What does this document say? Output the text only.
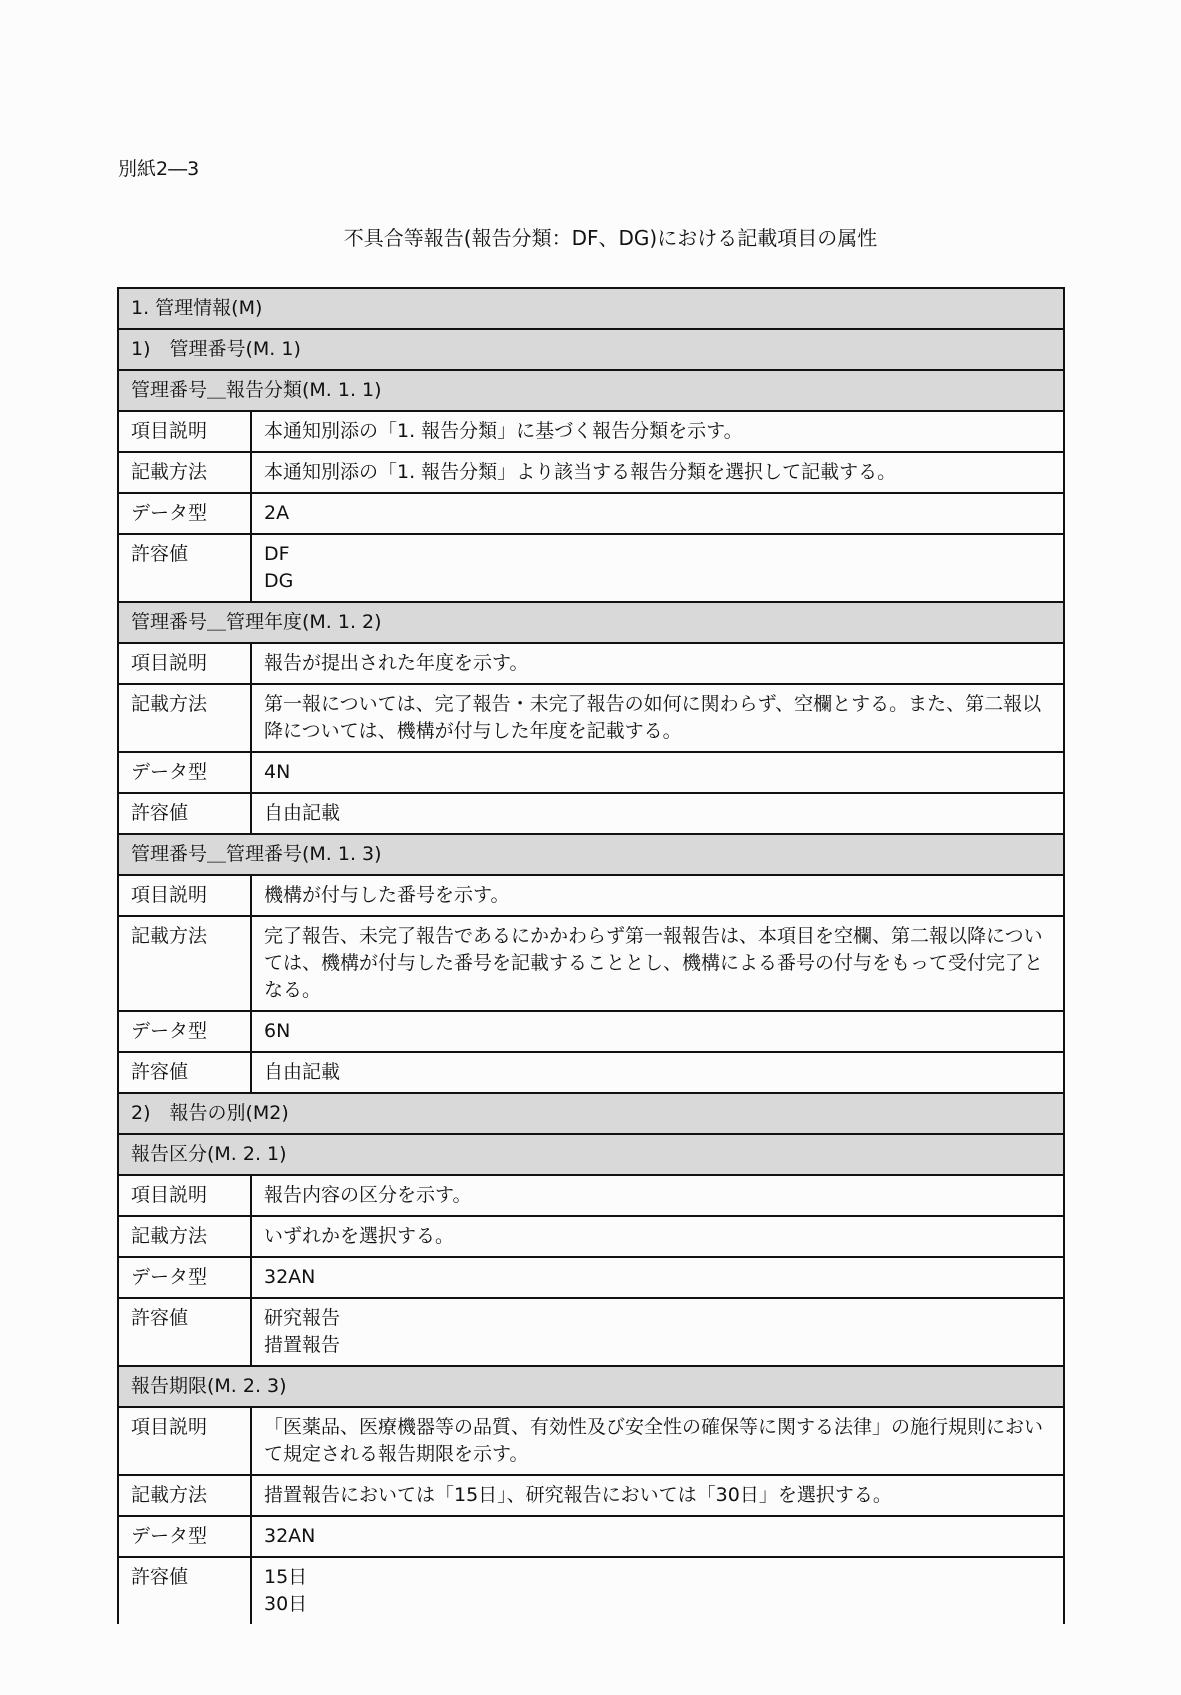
別紙2―3
不具合等報告(報告分類：DF、DG)における記載項目の属性
1. 管理情報(M)	
1)　管理番号(M. 1)	
管理番号＿報告分類(M. 1. 1)	
項目説明	本通知別添の「1. 報告分類」に基づく報告分類を示す。
記載方法	本通知別添の「1. 報告分類」より該当する報告分類を選択して記載する。
データ型	2A
許容値	DF
DG

管理番号＿管理年度(M. 1. 2)	
項目説明	報告が提出された年度を示す。
記載方法	第一報については、完了報告・未完了報告の如何に関わらず、空欄とする。また、第二報以降については、機構が付与した年度を記載する。
データ型	4N
許容値	自由記載
管理番号＿管理番号(M. 1. 3)	
項目説明	機構が付与した番号を示す。
記載方法	完了報告、未完了報告であるにかかわらず第一報報告は、本項目を空欄、第二報以降については、機構が付与した番号を記載することとし、機構による番号の付与をもって受付完了となる。
データ型	6N
許容値	自由記載
2)　報告の別(M2)	
報告区分(M. 2. 1)	
項目説明	報告内容の区分を示す。
記載方法	いずれかを選択する。
データ型	32AN
許容値	研究報告
措置報告

報告期限(M. 2. 3)	
項目説明	「医薬品、医療機器等の品質、有効性及び安全性の確保等に関する法律」の施行規則において規定される報告期限を示す。
記載方法	措置報告においては「15日」、研究報告においては「30日」を選択する。
データ型	32AN
許容値	15日
30日
